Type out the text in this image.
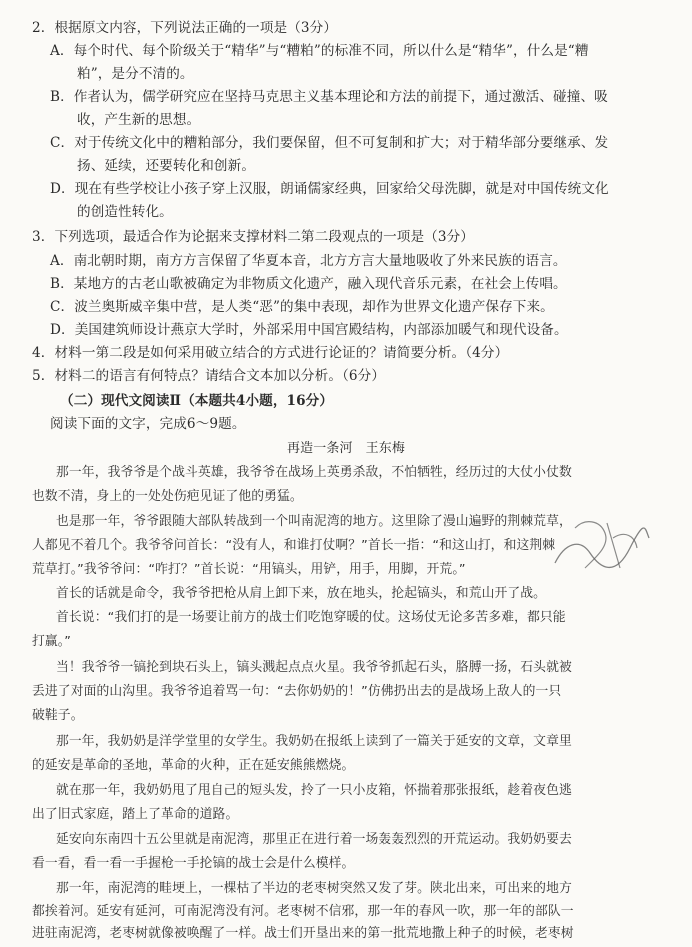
2．根据原文内容，下列说法正确的一项是（3分）
A．每个时代、每个阶级关于“精华”与“糟粕”的标准不同，所以什么是“精华”，什么是“糟
粕”，是分不清的。
B．作者认为，儒学研究应在坚持马克思主义基本理论和方法的前提下，通过激活、碰撞、吸
收，产生新的思想。
C．对于传统文化中的糟粕部分，我们要保留，但不可复制和扩大；对于精华部分要继承、发
扬、延续，还要转化和创新。
D．现在有些学校让小孩子穿上汉服，朗诵儒家经典，回家给父母洗脚，就是对中国传统文化
的创造性转化。
3．下列选项，最适合作为论据来支撑材料二第二段观点的一项是（3分）
A．南北朝时期，南方方言保留了华夏本音，北方方言大量地吸收了外来民族的语言。
B．某地方的古老山歌被确定为非物质文化遗产，融入现代音乐元素，在社会上传唱。
C．波兰奥斯威辛集中营，是人类“恶”的集中表现，却作为世界文化遗产保存下来。
D．美国建筑师设计燕京大学时，外部采用中国宫殿结构，内部添加暖气和现代设备。
4．材料一第二段是如何采用破立结合的方式进行论证的？请简要分析。（4分）
5．材料二的语言有何特点？请结合文本加以分析。（6分）
（二）现代文阅读Ⅱ（本题共4小题，16分）
阅读下面的文字，完成6～9题。
再造一条河　王东梅
那一年，我爷爷是个战斗英雄，我爷爷在战场上英勇杀敌，不怕牺牲，经历过的大仗小仗数
也数不清，身上的一处处伤疤见证了他的勇猛。
也是那一年，爷爷跟随大部队转战到一个叫南泥湾的地方。这里除了漫山遍野的荆棘荒草，
人都见不着几个。我爷爷问首长：“没有人，和谁打仗啊？”首长一指：“和这山打，和这荆棘
荒草打。”我爷爷问：“咋打？”首长说：“用镐头，用铲，用手，用脚，开荒。”
首长的话就是命令，我爷爷把枪从肩上卸下来，放在地头，抡起镐头，和荒山开了战。
首长说：“我们打的是一场要让前方的战士们吃饱穿暖的仗。这场仗无论多苦多难，都只能
打赢。”
当！我爷爷一镐抡到块石头上，镐头溅起点点火星。我爷爷抓起石头，胳膊一扬，石头就被
丢进了对面的山沟里。我爷爷追着骂一句：“去你奶奶的！”仿佛扔出去的是战场上敌人的一只
破鞋子。
那一年，我奶奶是洋学堂里的女学生。我奶奶在报纸上读到了一篇关于延安的文章，文章里
的延安是革命的圣地，革命的火种，正在延安熊熊燃烧。
就在那一年，我奶奶甩了甩自己的短头发，拎了一只小皮箱，怀揣着那张报纸，趁着夜色逃
出了旧式家庭，踏上了革命的道路。
延安向东南四十五公里就是南泥湾，那里正在进行着一场轰轰烈烈的开荒运动。我奶奶要去
看一看，看一看一手握枪一手抡镐的战士会是什么模样。
那一年，南泥湾的畦埂上，一棵枯了半边的老枣树突然又发了芽。陕北出来，可出来的地方
都挨着河。延安有延河，可南泥湾没有河。老枣树不信邪，那一年的春风一吹，那一年的部队一
进驻南泥湾，老枣树就像被唤醒了一样。战士们开垦出来的第一批荒地撒上种子的时候，老枣树
